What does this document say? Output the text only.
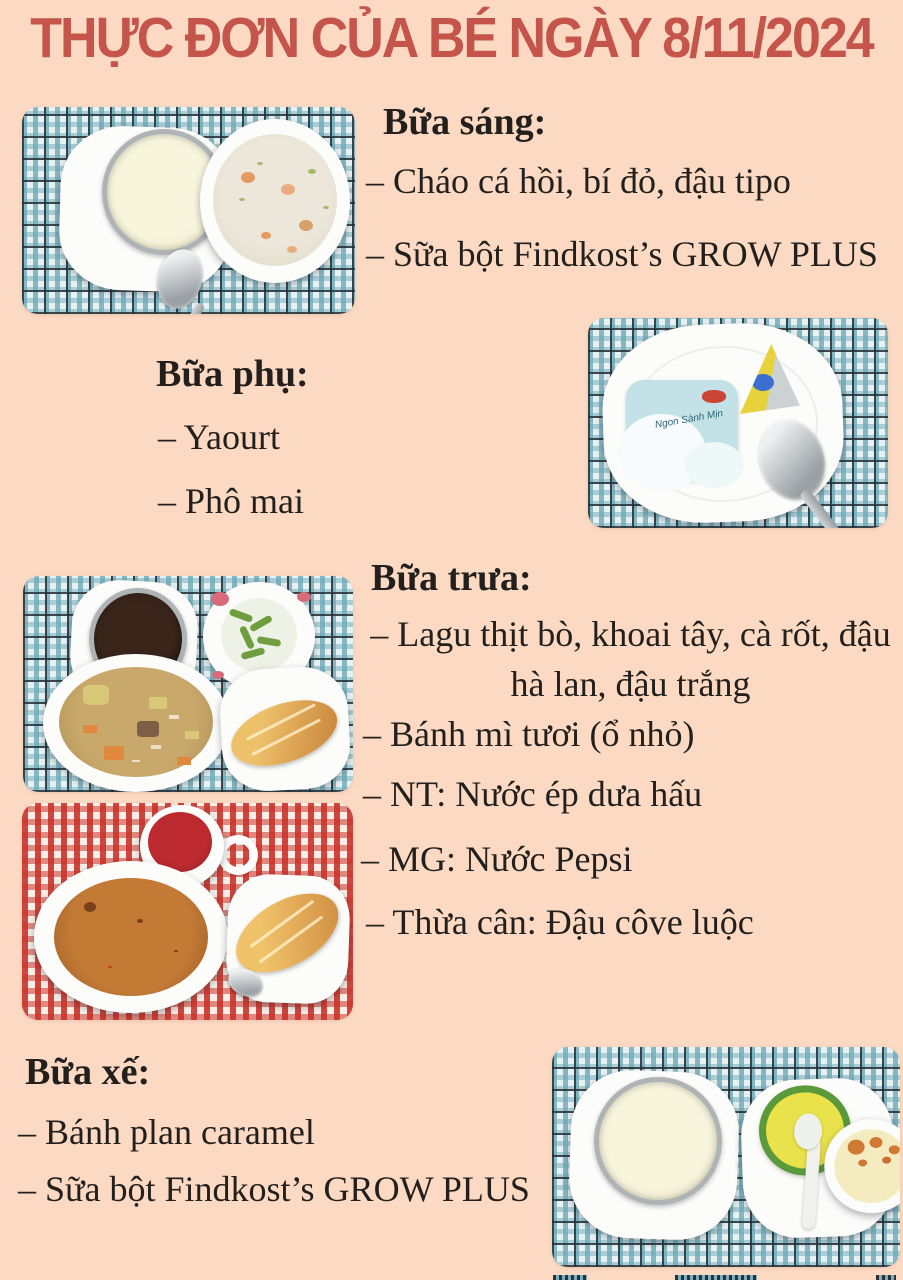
THỰC ĐƠN CỦA BÉ NGÀY 8/11/2024
Bữa sáng:
– Cháo cá hồi, bí đỏ, đậu tipo
– Sữa bột Findkost’s GROW PLUS
Bữa phụ:
– Yaourt
– Phô mai
Ngon Sành Mịn
Bữa trưa:
– Lagu thịt bò, khoai tây, cà rốt, đậu hà lan, đậu trắng
– Bánh mì tươi (ổ nhỏ)
– NT: Nước ép dưa hấu
– MG: Nước Pepsi
– Thừa cân: Đậu côve luộc
Bữa xế:
– Bánh plan caramel
– Sữa bột Findkost’s GROW PLUS
